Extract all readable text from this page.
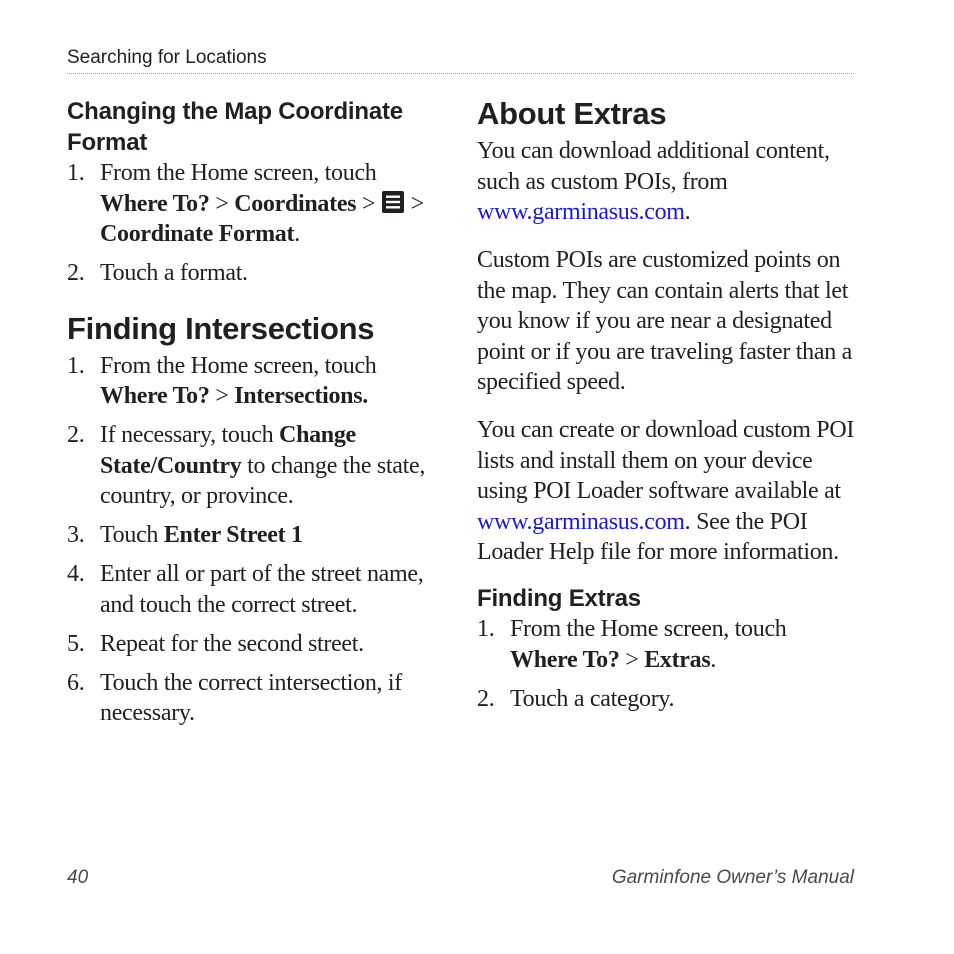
Searching for Locations
Changing the Map Coordinate Format
1. From the Home screen, touch Where To? > Coordinates >  > Coordinate Format.
2. Touch a format.
Finding Intersections
1. From the Home screen, touch Where To? > Intersections.
2. If necessary, touch Change State/Country to change the state, country, or province.
3. Touch Enter Street 1
4. Enter all or part of the street name, and touch the correct street.
5. Repeat for the second street.
6. Touch the correct intersection, if necessary.
About Extras

You can download additional content, such as custom POIs, from www.garminasus.com.

Custom POIs are customized points on the map. They can contain alerts that let you know if you are near a designated point or if you are traveling faster than a specified speed.

You can create or download custom POI lists and install them on your device using POI Loader software available at www.garminasus.com. See the POI Loader Help file for more information.

Finding Extras
1. From the Home screen, touch Where To? > Extras.
2. Touch a category.
40	Garminfone Owner’s Manual
